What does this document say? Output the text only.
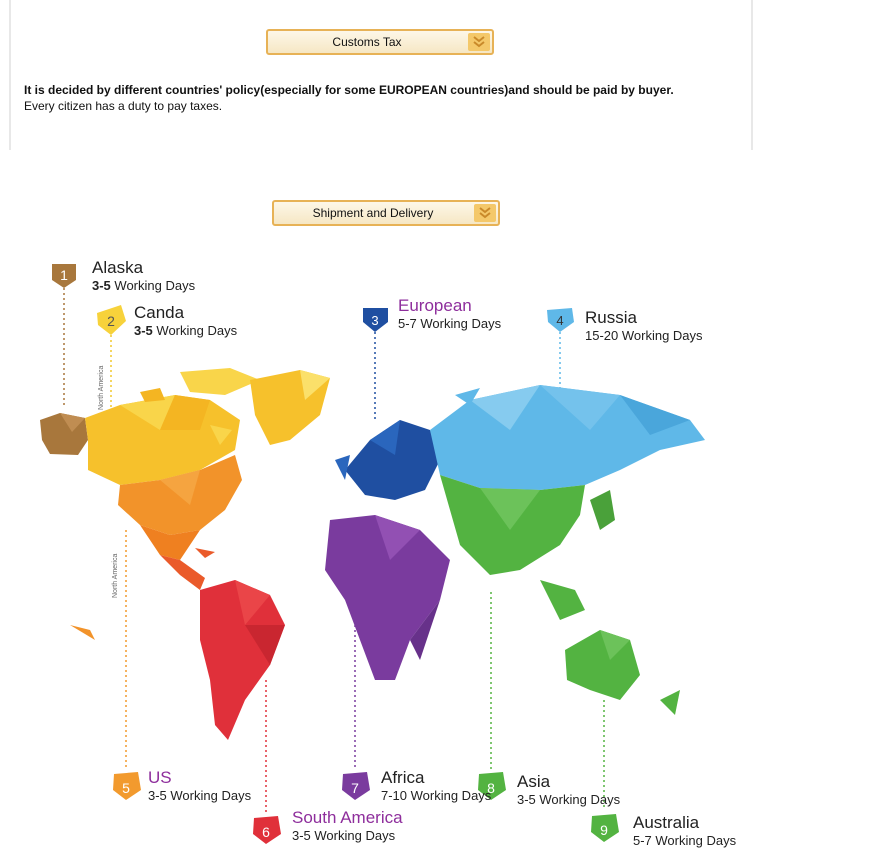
Customs Tax
It is decided by different countries' policy(especially for some EUROPEAN countries)and should be paid by buyer. Every citizen has a duty to pay taxes.
Shipment and Delivery
North America
North America
1
2	3	4
5
6
7	8
9
Alaska
3-5 Working Days
Canda
3-5 Working Days
European
5-7 Working Days	Russia
15-20 Working Days
US
3-5 Working Days
South America
3-5 Working Days
Africa
7-10 Working Days
Asia
3-5 Working Days
Australia
5-7 Working Days
